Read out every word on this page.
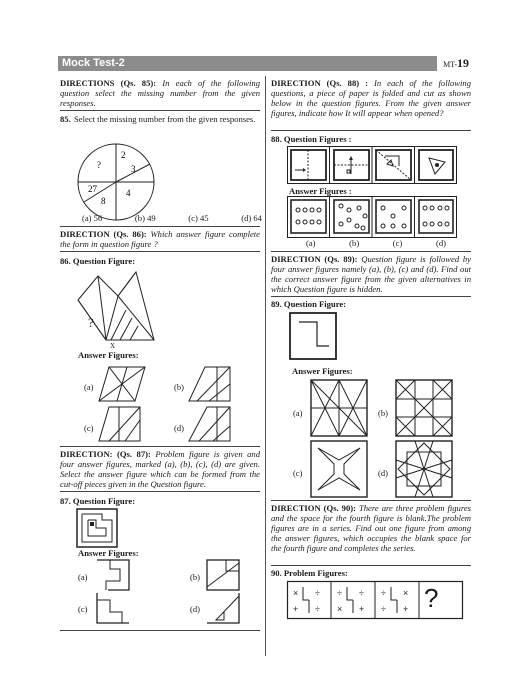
Mock Test-2	MT-19

DIRECTIONS (Qs. 85): In each of the following question select the missing number from the given responses.

85. Select the missing number from the given responses.
2
3
?
27	4
8
(a) 56	(b) 49	(c) 45	(d) 64
DIRECTION (Qs. 86): Which answer figure complete the form in question figure ?
86. Question Figure:
?
X
Answer Figures:
(a)	(b)
(c)	(d)
DIRECTION: (Qs. 87): Problem figure is given and four answer figures, marked (a), (b), (c), (d) are given. Select the answer figure which can be formed from the cut-off pieces given in the Question figure.
87. Question Figure:
Answer Figures:
(a)	(b)
(c)	(d)
DIRECTION (Qs. 88) : In each of the following questions, a piece of paper is folded and cut as shown below in the question figures. From the given answer figures, indicate how It will appear when opened?
88. Question Figures :
Answer Figures :
(a)	(b)	(c)	(d)
DIRECTION (Qs. 89): Question figure is followed by four answer figures namely (a), (b), (c) and (d). Find out the correct answer figure from the given alternatives in which Question figure is hidden.
89. Question Figure:
Answer Figures:
(a)	(b)
(c)	(d)
DIRECTION (Qs. 90): There are three problem figures and the space for the fourth figure is blank.The problem figures are in a series. Find out one figure from among the answer figures, which occupies the blank space for the fourth figure and completes the series.
90. Problem Figures:
×
+
÷
÷
÷
×
÷
+
÷
÷
×
+ ?
